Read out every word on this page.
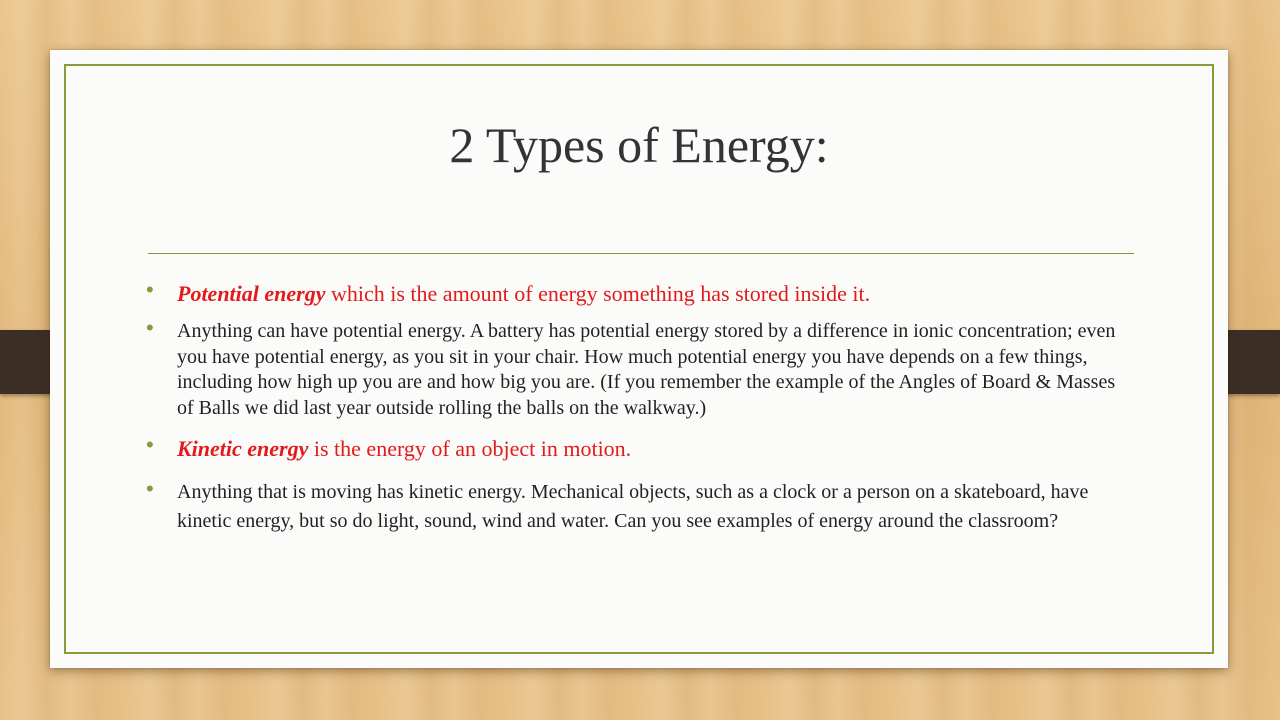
2 Types of Energy:
• Potential energy which is the amount of energy something has stored inside it.
• Anything can have potential energy. A battery has potential energy stored by a difference in ionic concentration; even you have potential energy, as you sit in your chair. How much potential energy you have depends on a few things, including how high up you are and how big you are. (If you remember the example of the Angles of Board & Masses of Balls we did last year outside rolling the balls on the walkway.)
• Kinetic energy is the energy of an object in motion.
• Anything that is moving has kinetic energy. Mechanical objects, such as a clock or a person on a skateboard, have kinetic energy, but so do light, sound, wind and water. Can you see examples of energy around the classroom?
